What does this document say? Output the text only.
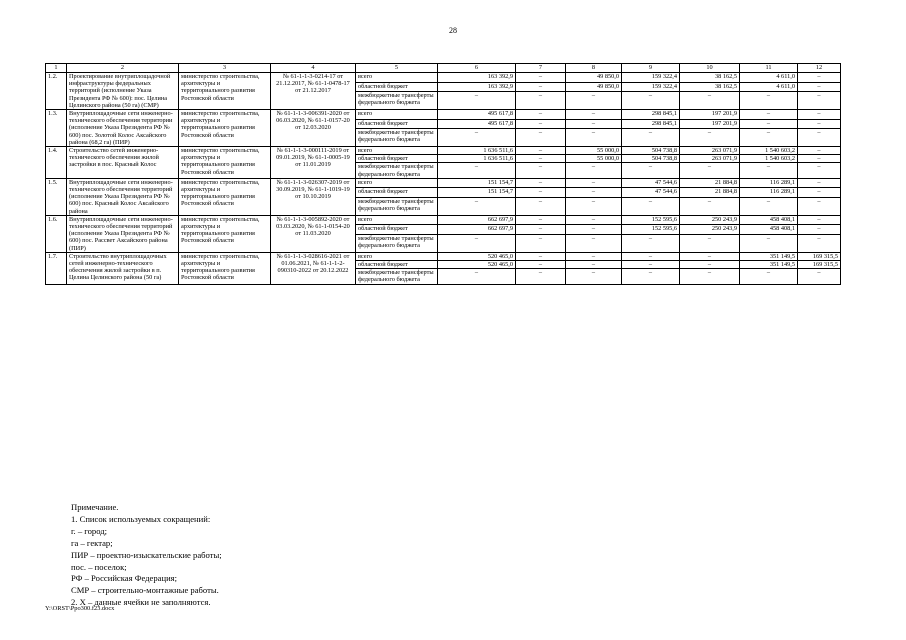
28
1	2	3	4	5	6	7	8	9	10	11	12
1.2.	Проектирование внутриплощадочной инфраструктуры федеральных территорий (исполнение Указа Президента РФ № 600): пос. Целина Целинского района (50 га) (СМР)	министерство строительства, архитектуры и территориального развития Ростовской области	№ 61-1-1-3-0214-17 от 21.12.2017, № 61-1-0478-17 от 21.12.2017	всего	163 392,9	–	49 850,0	159 322,4	38 162,5	4 611,0	–
				областной бюджет	163 392,9	–	49 850,0	159 322,4	38 162,5	4 611,0	–
				межбюджетные трансферты федерального бюджета	–	–	–	–	–	–	–
1.3.	Внутриплощадочные сети инженерно-технического обеспечения территории (исполнение Указа Президента РФ № 600) пос. Золотой Колос Аксайского района (68,2 га) (ПИР)	министерство строительства, архитектуры и территориального развития Ростовской области	№ 61-1-1-3-006391-2020 от 06.03.2020, № 61-1-0157-20 от 12.03.2020	всего	495 617,8	–	–	298 845,1	197 201,9	–	–
				областной бюджет	495 617,8	–	–	298 845,1	197 201,9	–	–
				межбюджетные трансферты федерального бюджета	–	–	–	–	–	–	–
1.4.	Строительство сетей инженерно-технического обеспечения жилой застройки в пос. Красный Колос	министерство строительства, архитектуры и территориального развития Ростовской области	№ 61-1-1-3-000111-2019 от 09.01.2019, № 61-1-0005-19 от 11.01.2019	всего	1 636 511,6	–	55 000,0	504 738,8	263 071,9	1 540 603,2	–
				областной бюджет	1 636 511,6	–	55 000,0	504 738,8	263 071,9	1 540 603,2	–
				межбюджетные трансферты федерального бюджета	–	–	–	–	–	–	–
1.5.	Внутриплощадочные сети инженерно-технического обеспечения территорий (исполнение Указа Президента РФ № 600) пос. Красный Колос Аксайского района	министерство строительства, архитектуры и территориального развития Ростовской области	№ 61-1-1-3-026307-2019 от 30.09.2019, № 61-1-1019-19 от 10.10.2019	всего	151 154,7	–	–	47 544,6	21 884,8	116 289,1	–
				областной бюджет	151 154,7	–	–	47 544,6	21 884,8	116 289,1	–
				межбюджетные трансферты федерального бюджета	–	–	–	–	–	–	–
1.6.	Внутриплощадочные сети инженерно-технического обеспечения территорий (исполнение Указа Президента РФ № 600) пос. Рассвет Аксайского района (ПИР)	министерство строительства, архитектуры и территориального развития Ростовской области	№ 61-1-1-3-005892-2020 от 03.03.2020, № 61-1-0154-20 от 11.03.2020	всего	662 697,9	–	–	152 595,6	250 243,9	458 408,1	–
				областной бюджет	662 697,9	–	–	152 595,6	250 243,9	458 408,1	–
				межбюджетные трансферты федерального бюджета	–	–	–	–	–	–	–
1.7.	Строительство внутриплощадочных сетей инженерно-технического обеспечения жилой застройки в п. Целина Целинского района (50 га)	министерство строительства, архитектуры и территориального развития Ростовской области	№ 61-1-1-3-028616-2021 от 01.06.2021, № 61-1-1-2-090310-2022 от 20.12.2022	всего	520 465,0	–	–	–	–	351 149,5	169 315,5
				областной бюджет	520 465,0	–	–	–	–	351 149,5	169 315,5
				межбюджетные трансферты федерального бюджета	–	–	–	–	–	–	–
Примечание.
1. Список используемых сокращений:
г. – город;
га – гектар;
ПИР – проектно-изыскательские работы;
пос. – поселок;
РФ – Российская Федерация;
СМР – строительно-монтажные работы.
2. Х – данные ячейки не заполняются.
Y:\ORST\Ppo300.f23.docx
